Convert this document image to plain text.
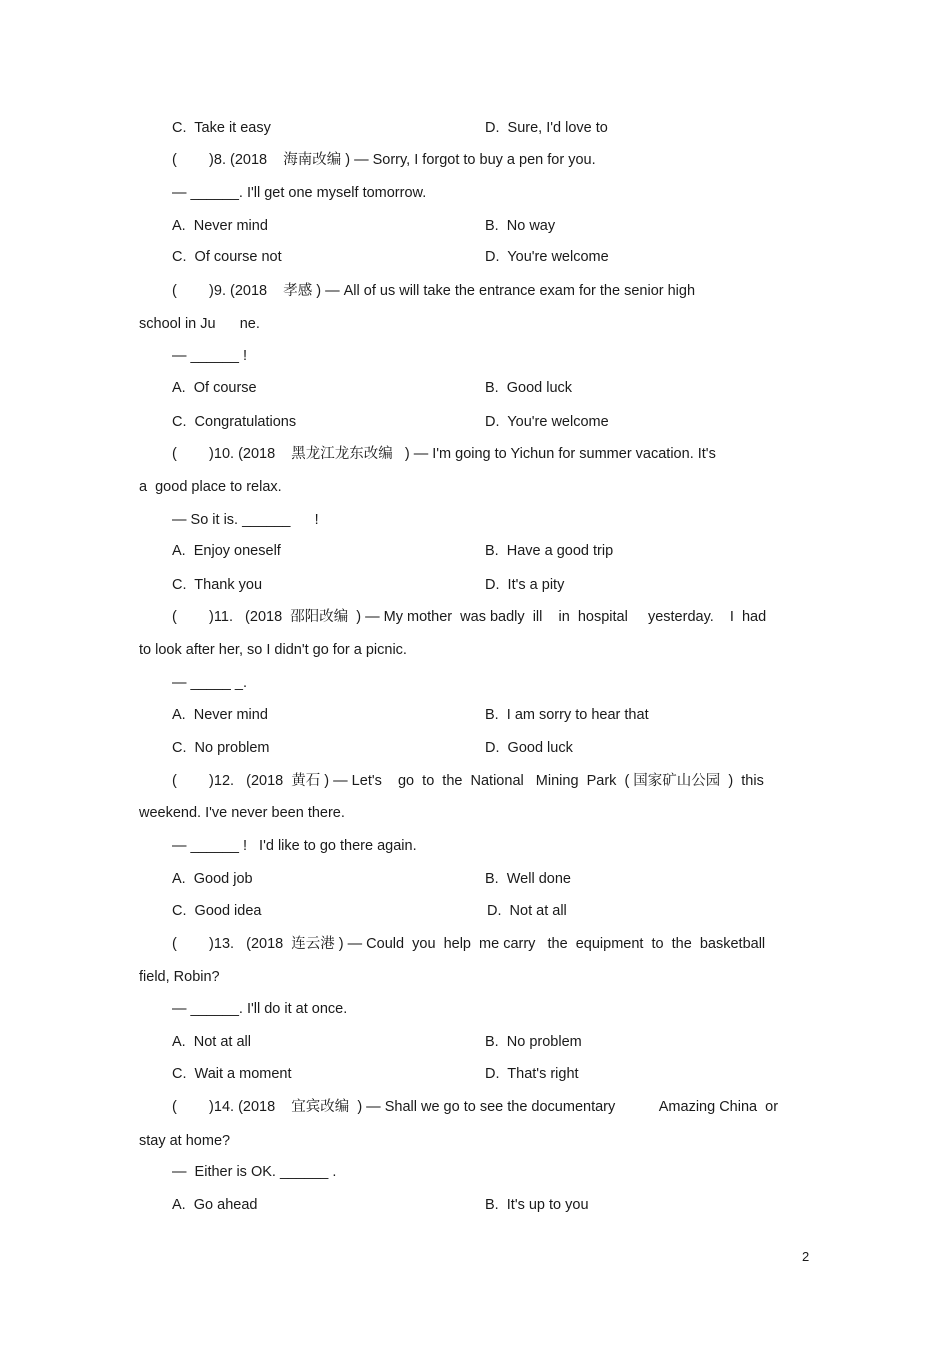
C.  Take it easy	D.  Sure, I'd love to
(        )8. (2018    海南改编 ) — Sorry, I forgot to buy a pen for you.
— ______. I'll get one myself tomorrow.
A.  Never mind	B.  No way
C.  Of course not	D.  You're welcome
(        )9. (2018    孝感 ) — All of us will take the entrance exam for the senior high
school in Ju      ne.
— ______ !
A.  Of course	B.  Good luck
C.  Congratulations	D.  You're welcome
(        )10. (2018    黑龙江龙东改编   ) — I'm going to Yichun for summer vacation. It's
a  good place to relax.
— So it is. ______      !
A.  Enjoy oneself	B.  Have a good trip
C.  Thank you	D.  It's a pity
(        )11.   (2018  邵阳改编  ) — My mother  was badly  ill    in  hospital     yesterday.    I  had
to look after her, so I didn't go for a picnic.
— _____ _.
A.  Never mind	B.  I am sorry to hear that
C.  No problem	D.  Good luck
(        )12.   (2018  黄石 ) — Let's    go  to  the  National   Mining  Park  ( 国家矿山公园  )  this
weekend. I've never been there.
— ______ !   I'd like to go there again.
A.  Good job	B.  Well done
C.  Good idea	D.  Not at all
(        )13.   (2018  连云港 ) — Could  you  help  me carry   the  equipment  to  the  basketball
field, Robin?
— ______. I'll do it at once.
A.  Not at all	B.  No problem
C.  Wait a moment	D.  That's right
(        )14. (2018    宜宾改编  ) — Shall we go to see the documentary           Amazing China  or
stay at home?
—  Either is OK. ______ .
A.  Go ahead	B.  It's up to you
2
